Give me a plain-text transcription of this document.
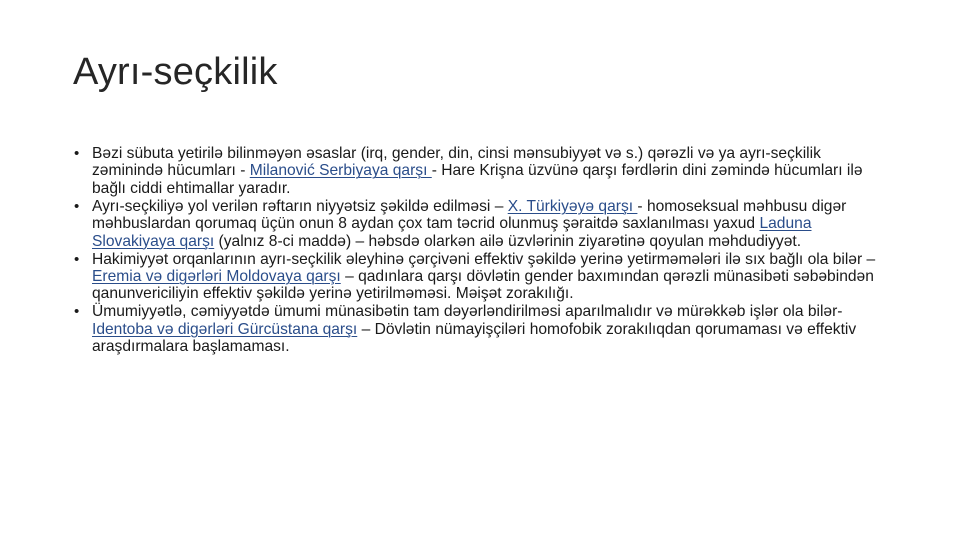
Ayrı-seçkilik
• Bəzi sübuta yetirilə bilinməyən əsaslar (irq, gender, din, cinsi mənsubiyyət və s.) qərəzli və ya ayrı-seçkilik zəminində hücumları - Milanović Serbiyaya qarşı - Hare Krişna üzvünə qarşı fərdlərin dini zəmində hücumları ilə bağlı ciddi ehtimallar yaradır.
• Ayrı-seçkiliyə yol verilən rəftarın niyyətsiz şəkildə edilməsi – X. Türkiyəyə qarşı - homoseksual məhbusu digər məhbuslardan qorumaq üçün onun 8 aydan çox tam təcrid olunmuş şəraitdə saxlanılması yaxud Laduna Slovakiyaya qarşı (yalnız 8-ci maddə) – həbsdə olarkən ailə üzvlərinin ziyarətinə qoyulan məhdudiyyət.
• Hakimiyyət orqanlarının ayrı-seçkilik əleyhinə çərçivəni effektiv şəkildə yerinə yetirməmələri ilə sıx bağlı ola bilər – Eremia və digərləri Moldovaya qarşı – qadınlara qarşı dövlətin gender baxımından qərəzli münasibəti səbəbindən qanunvericiliyin effektiv şəkildə yerinə yetirilməməsi. Məişət zorakılığı.
• Ümumiyyətlə, cəmiyyətdə ümumi münasibətin tam dəyərləndirilməsi aparılmalıdır və mürəkkəb işlər ola bilər- Identoba və digərləri Gürcüstana qarşı – Dövlətin nümayişçiləri homofobik zorakılıqdan qorumaması və effektiv araşdırmalara başlamaması.
